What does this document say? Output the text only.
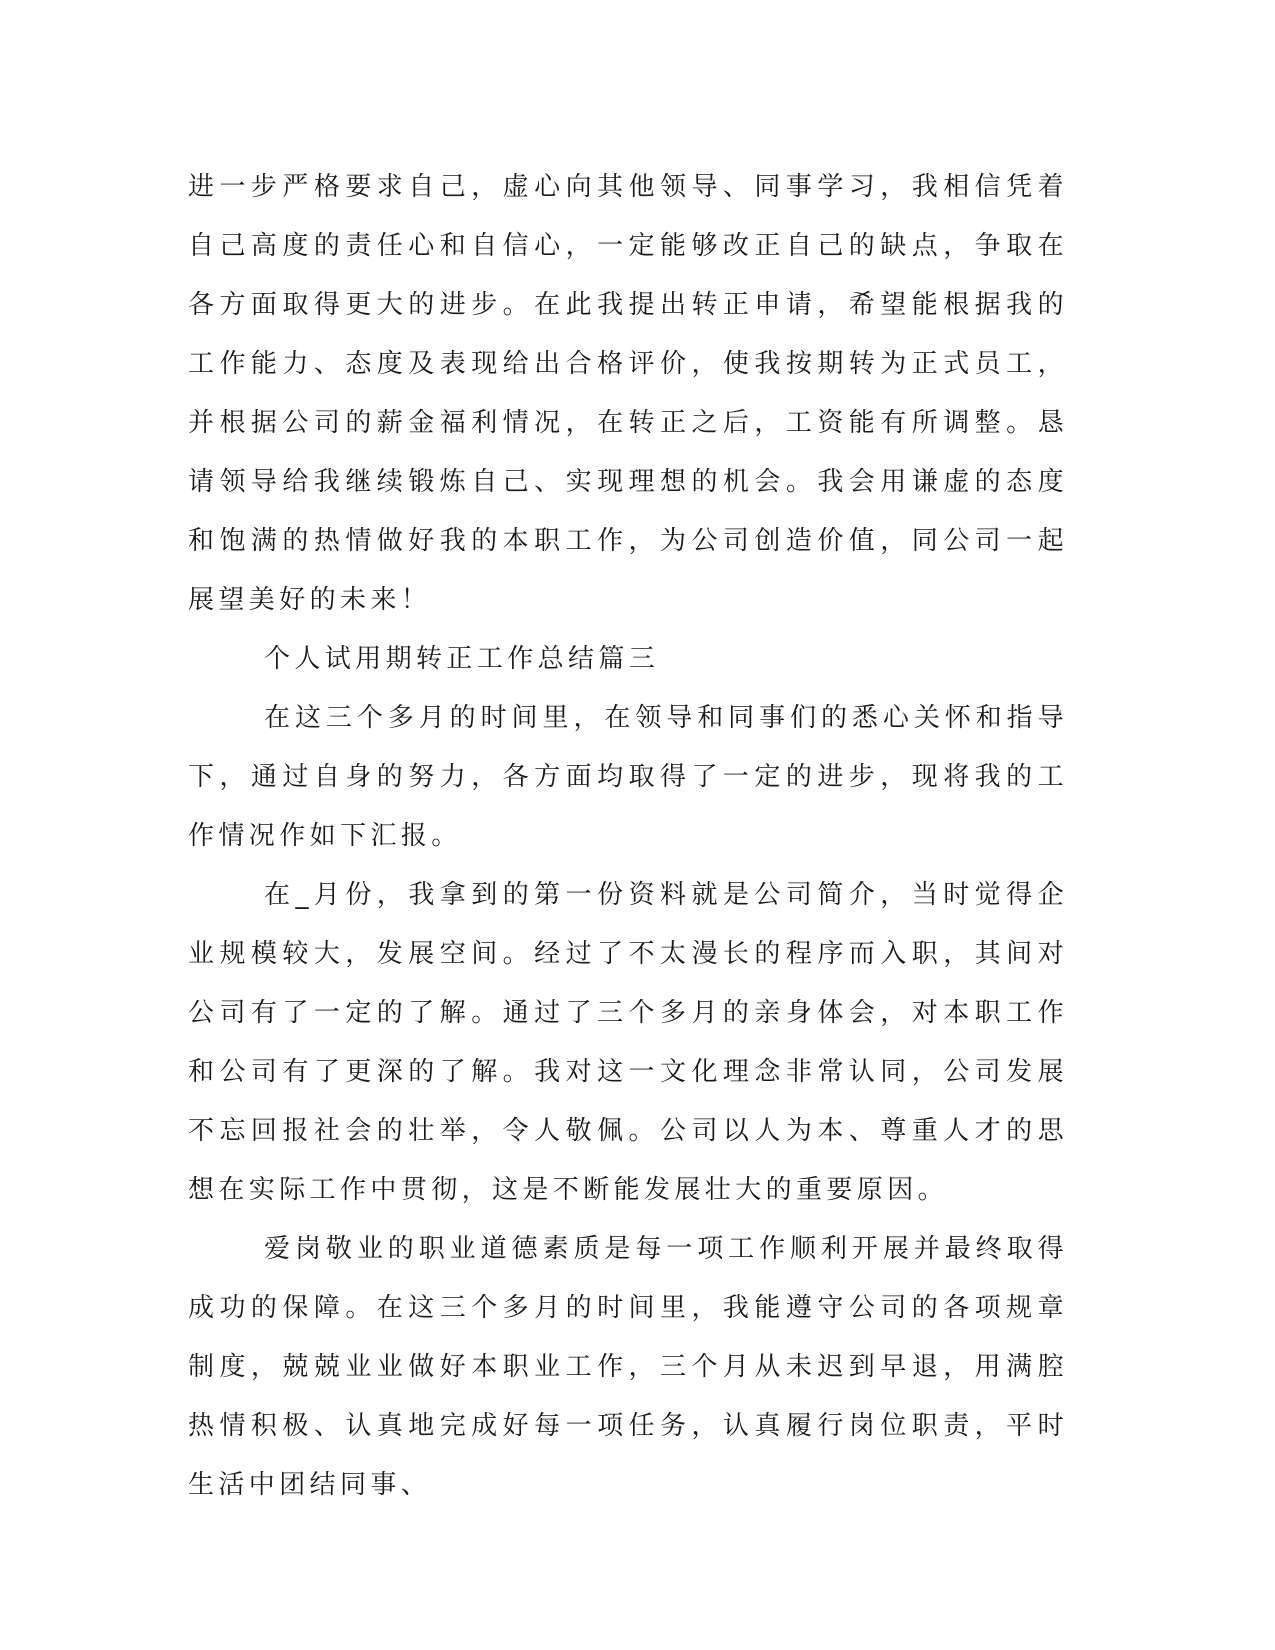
进一步严格要求自己，虚心向其他领导、同事学习，我相信凭着自己高度的责任心和自信心，一定能够改正自己的缺点，争取在各方面取得更大的进步。在此我提出转正申请，希望能根据我的工作能力、态度及表现给出合格评价，使我按期转为正式员工，并根据公司的薪金福利情况，在转正之后，工资能有所调整。恳请领导给我继续锻炼自己、实现理想的机会。我会用谦虚的态度和饱满的热情做好我的本职工作，为公司创造价值，同公司一起展望美好的未来！

个人试用期转正工作总结篇三

在这三个多月的时间里，在领导和同事们的悉心关怀和指导下，通过自身的努力，各方面均取得了一定的进步，现将我的工作情况作如下汇报。

在_月份，我拿到的第一份资料就是公司简介，当时觉得企业规模较大，发展空间。经过了不太漫长的程序而入职，其间对公司有了一定的了解。通过了三个多月的亲身体会，对本职工作和公司有了更深的了解。我对这一文化理念非常认同，公司发展不忘回报社会的壮举，令人敬佩。公司以人为本、尊重人才的思想在实际工作中贯彻，这是不断能发展壮大的重要原因。

爱岗敬业的职业道德素质是每一项工作顺利开展并最终取得成功的保障。在这三个多月的时间里，我能遵守公司的各项规章制度，兢兢业业做好本职业工作，三个月从未迟到早退，用满腔热情积极、认真地完成好每一项任务，认真履行岗位职责，平时生活中团结同事、
